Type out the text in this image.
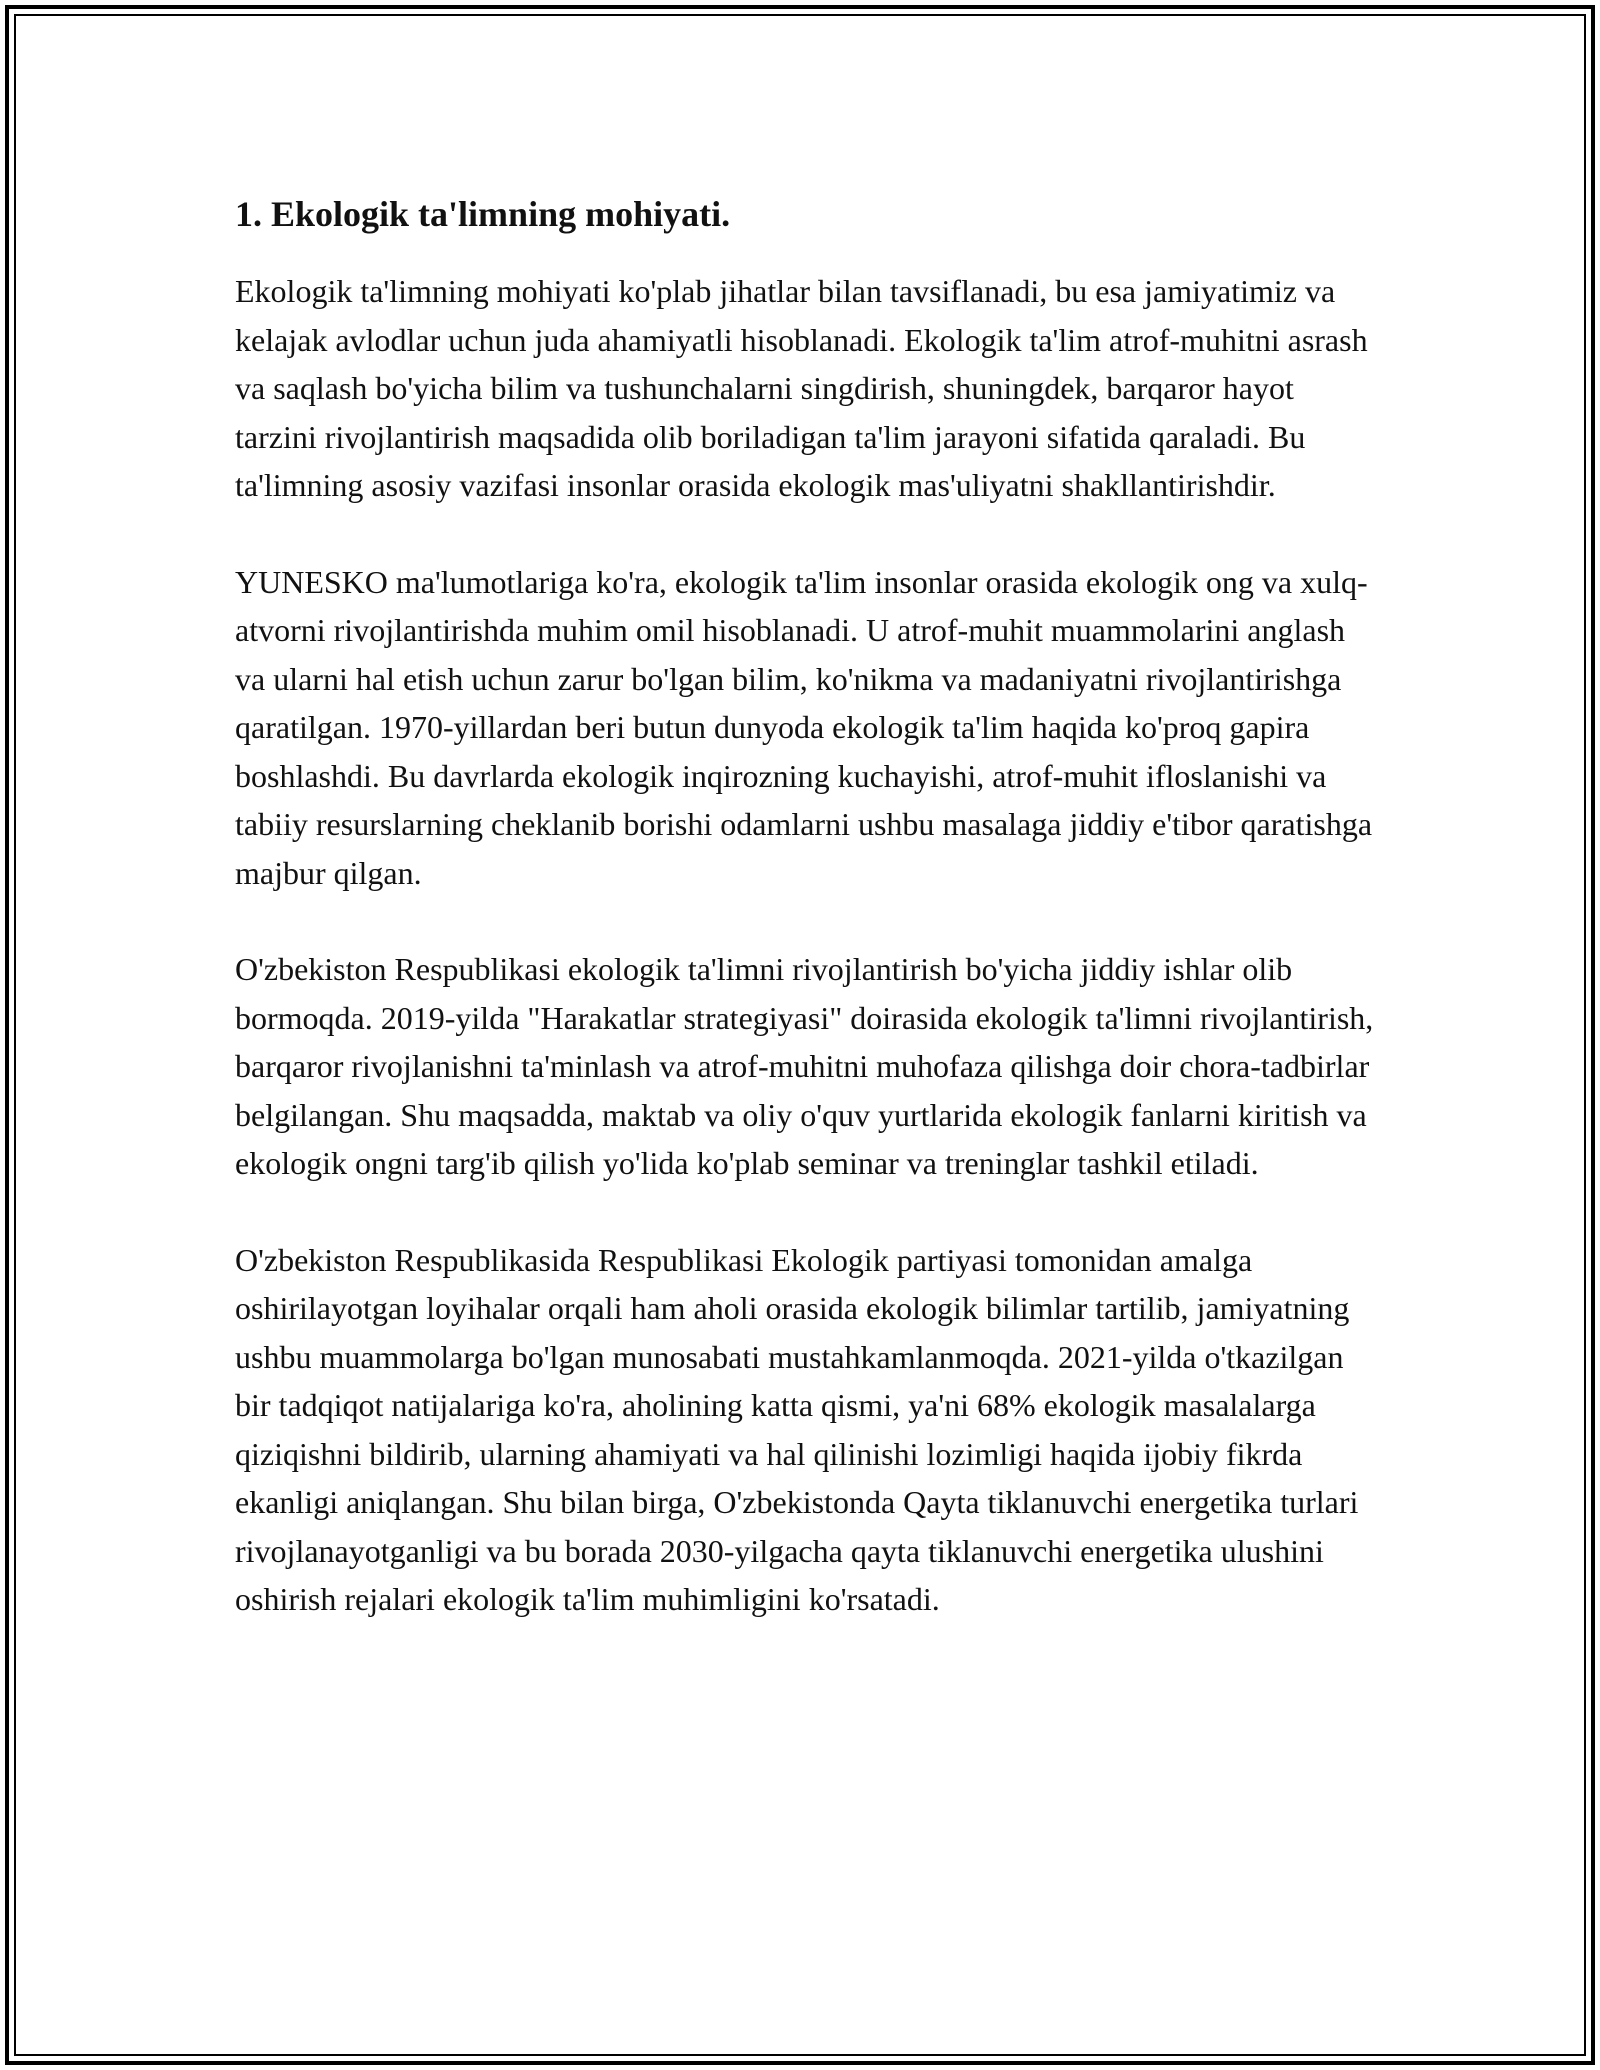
1. Ekologik ta'limning mohiyati.

Ekologik ta'limning mohiyati ko'plab jihatlar bilan tavsiflanadi, bu esa jamiyatimiz va kelajak avlodlar uchun juda ahamiyatli hisoblanadi. Ekologik ta'lim atrof-muhitni asrash va saqlash bo'yicha bilim va tushunchalarni singdirish, shuningdek, barqaror hayot tarzini rivojlantirish maqsadida olib boriladigan ta'lim jarayoni sifatida qaraladi. Bu ta'limning asosiy vazifasi insonlar orasida ekologik mas'uliyatni shakllantirishdir.

YUNESKO ma'lumotlariga ko'ra, ekologik ta'lim insonlar orasida ekologik ong va xulq-atvorni rivojlantirishda muhim omil hisoblanadi. U atrof-muhit muammolarini anglash va ularni hal etish uchun zarur bo'lgan bilim, ko'nikma va madaniyatni rivojlantirishga qaratilgan. 1970-yillardan beri butun dunyoda ekologik ta'lim haqida ko'proq gapira boshlashdi. Bu davrlarda ekologik inqirozning kuchayishi, atrof-muhit ifloslanishi va tabiiy resurslarning cheklanib borishi odamlarni ushbu masalaga jiddiy e'tibor qaratishga majbur qilgan.

O'zbekiston Respublikasi ekologik ta'limni rivojlantirish bo'yicha jiddiy ishlar olib bormoqda. 2019-yilda "Harakatlar strategiyasi" doirasida ekologik ta'limni rivojlantirish, barqaror rivojlanishni ta'minlash va atrof-muhitni muhofaza qilishga doir chora-tadbirlar belgilangan. Shu maqsadda, maktab va oliy o'quv yurtlarida ekologik fanlarni kiritish va ekologik ongni targ'ib qilish yo'lida ko'plab seminar va treninglar tashkil etiladi.

O'zbekiston Respublikasida Respublikasi Ekologik partiyasi tomonidan amalga oshirilayotgan loyihalar orqali ham aholi orasida ekologik bilimlar tartilib, jamiyatning ushbu muammolarga bo'lgan munosabati mustahkamlanmoqda. 2021-yilda o'tkazilgan bir tadqiqot natijalariga ko'ra, aholining katta qismi, ya'ni 68% ekologik masalalarga qiziqishni bildirib, ularning ahamiyati va hal qilinishi lozimligi haqida ijobiy fikrda ekanligi aniqlangan. Shu bilan birga, O'zbekistonda Qayta tiklanuvchi energetika turlari rivojlanayotganligi va bu borada 2030-yilgacha qayta tiklanuvchi energetika ulushini oshirish rejalari ekologik ta'lim muhimligini ko'rsatadi.
